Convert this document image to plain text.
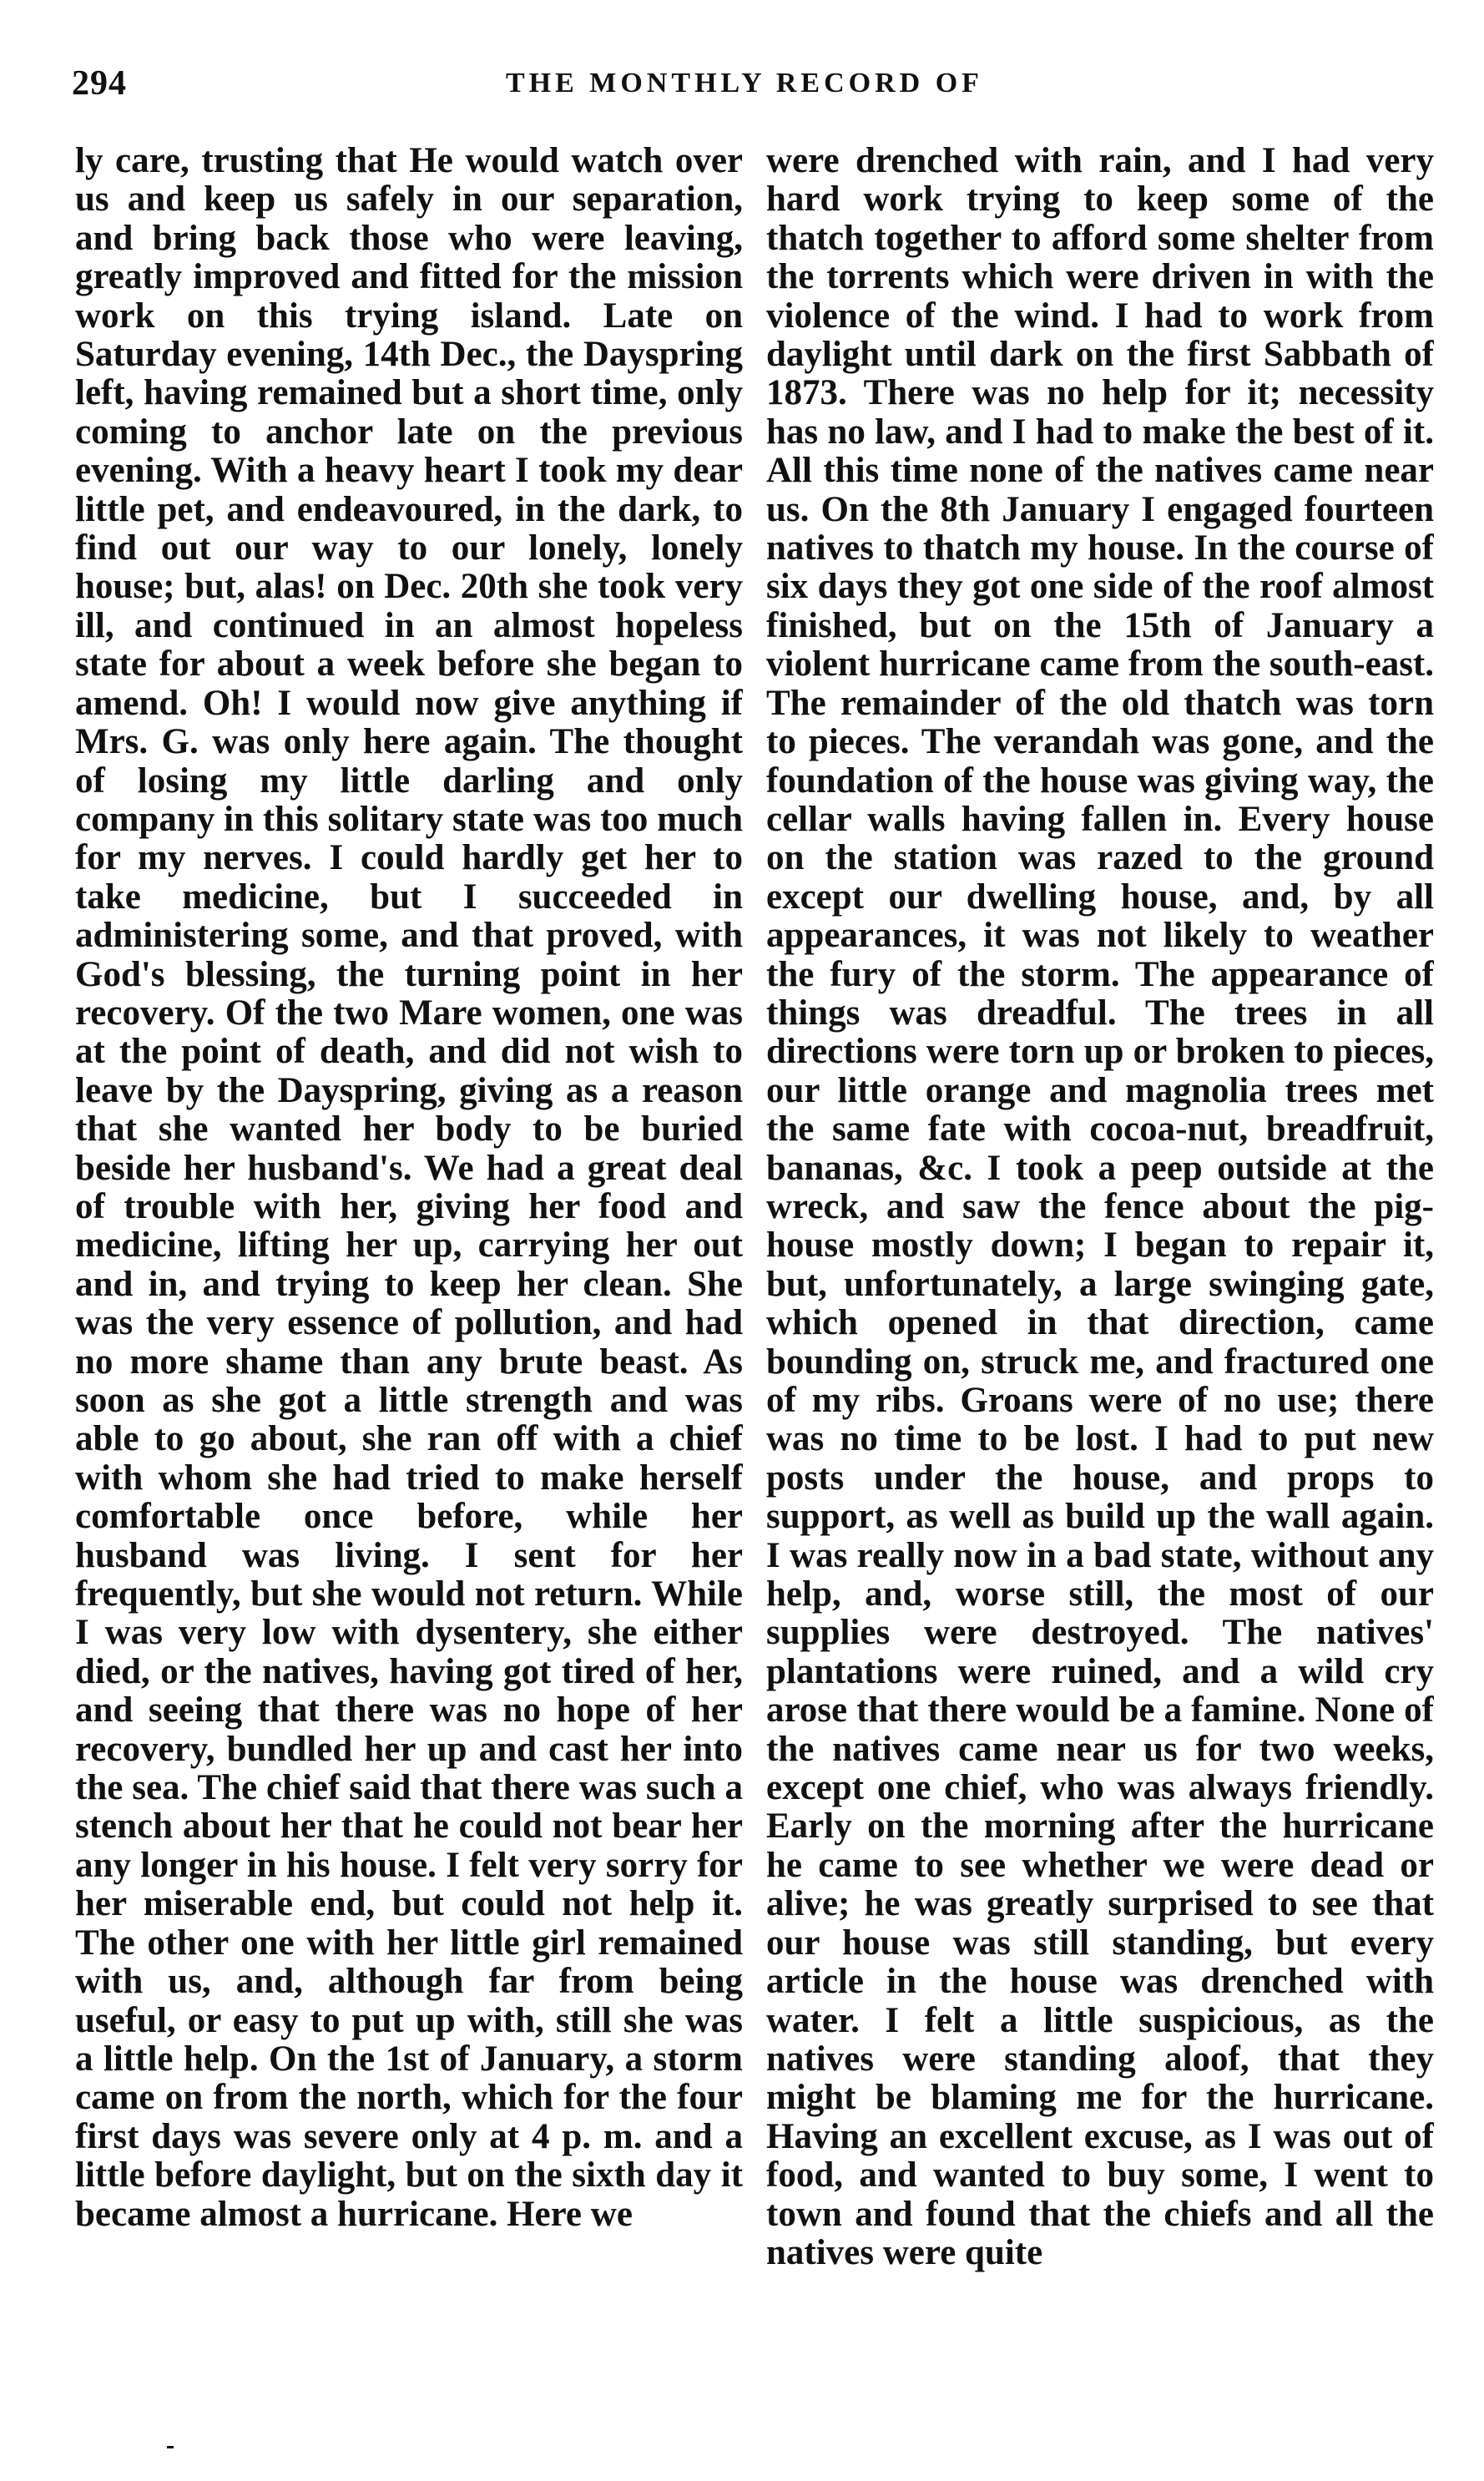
294	THE MONTHLY RECORD OF

ly care, trusting that He would watch over us and keep us safely in our separation, and bring back those who were leaving, greatly improved and fitted for the mission work on this trying island. Late on Saturday evening, 14th Dec., the Dayspring left, having remained but a short time, only coming to anchor late on the previous evening. With a heavy heart I took my dear little pet, and endeavoured, in the dark, to find out our way to our lonely, lonely house; but, alas! on Dec. 20th she took very ill, and continued in an almost hopeless state for about a week before she began to amend. Oh! I would now give anything if Mrs. G. was only here again. The thought of losing my little darling and only company in this solitary state was too much for my nerves. I could hardly get her to take medicine, but I succeeded in administering some, and that proved, with God's blessing, the turning point in her recovery. Of the two Mare women, one was at the point of death, and did not wish to leave by the Dayspring, giving as a reason that she wanted her body to be buried beside her husband's. We had a great deal of trouble with her, giving her food and medicine, lifting her up, carrying her out and in, and trying to keep her clean. She was the very essence of pollution, and had no more shame than any brute beast. As soon as she got a little strength and was able to go about, she ran off with a chief with whom she had tried to make herself comfortable once before, while her husband was living. I sent for her frequently, but she would not return. While I was very low with dysentery, she either died, or the natives, having got tired of her, and seeing that there was no hope of her recovery, bundled her up and cast her into the sea. The chief said that there was such a stench about her that he could not bear her any longer in his house. I felt very sorry for her miserable end, but could not help it. The other one with her little girl remained with us, and, although far from being useful, or easy to put up with, still she was a little help. On the 1st of January, a storm came on from the north, which for the four first days was severe only at 4 p. m. and a little before daylight, but on the sixth day it became almost a hurricane. Here we

were drenched with rain, and I had very hard work trying to keep some of the thatch together to afford some shelter from the torrents which were driven in with the violence of the wind. I had to work from daylight until dark on the first Sabbath of 1873. There was no help for it; necessity has no law, and I had to make the best of it. All this time none of the natives came near us. On the 8th January I engaged fourteen natives to thatch my house. In the course of six days they got one side of the roof almost finished, but on the 15th of January a violent hurricane came from the south-east. The remainder of the old thatch was torn to pieces. The verandah was gone, and the foundation of the house was giving way, the cellar walls having fallen in. Every house on the station was razed to the ground except our dwelling house, and, by all appearances, it was not likely to weather the fury of the storm. The appearance of things was dreadful. The trees in all directions were torn up or broken to pieces, our little orange and magnolia trees met the same fate with cocoa-nut, breadfruit, bananas, &c. I took a peep outside at the wreck, and saw the fence about the pig-house mostly down; I began to repair it, but, unfortunately, a large swinging gate, which opened in that direction, came bounding on, struck me, and fractured one of my ribs. Groans were of no use; there was no time to be lost. I had to put new posts under the house, and props to support, as well as build up the wall again. I was really now in a bad state, without any help, and, worse still, the most of our supplies were destroyed. The natives' plantations were ruined, and a wild cry arose that there would be a famine. None of the natives came near us for two weeks, except one chief, who was always friendly. Early on the morning after the hurricane he came to see whether we were dead or alive; he was greatly surprised to see that our house was still standing, but every article in the house was drenched with water. I felt a little suspicious, as the natives were standing aloof, that they might be blaming me for the hurricane. Having an excellent excuse, as I was out of food, and wanted to buy some, I went to town and found that the chiefs and all the natives were quite
